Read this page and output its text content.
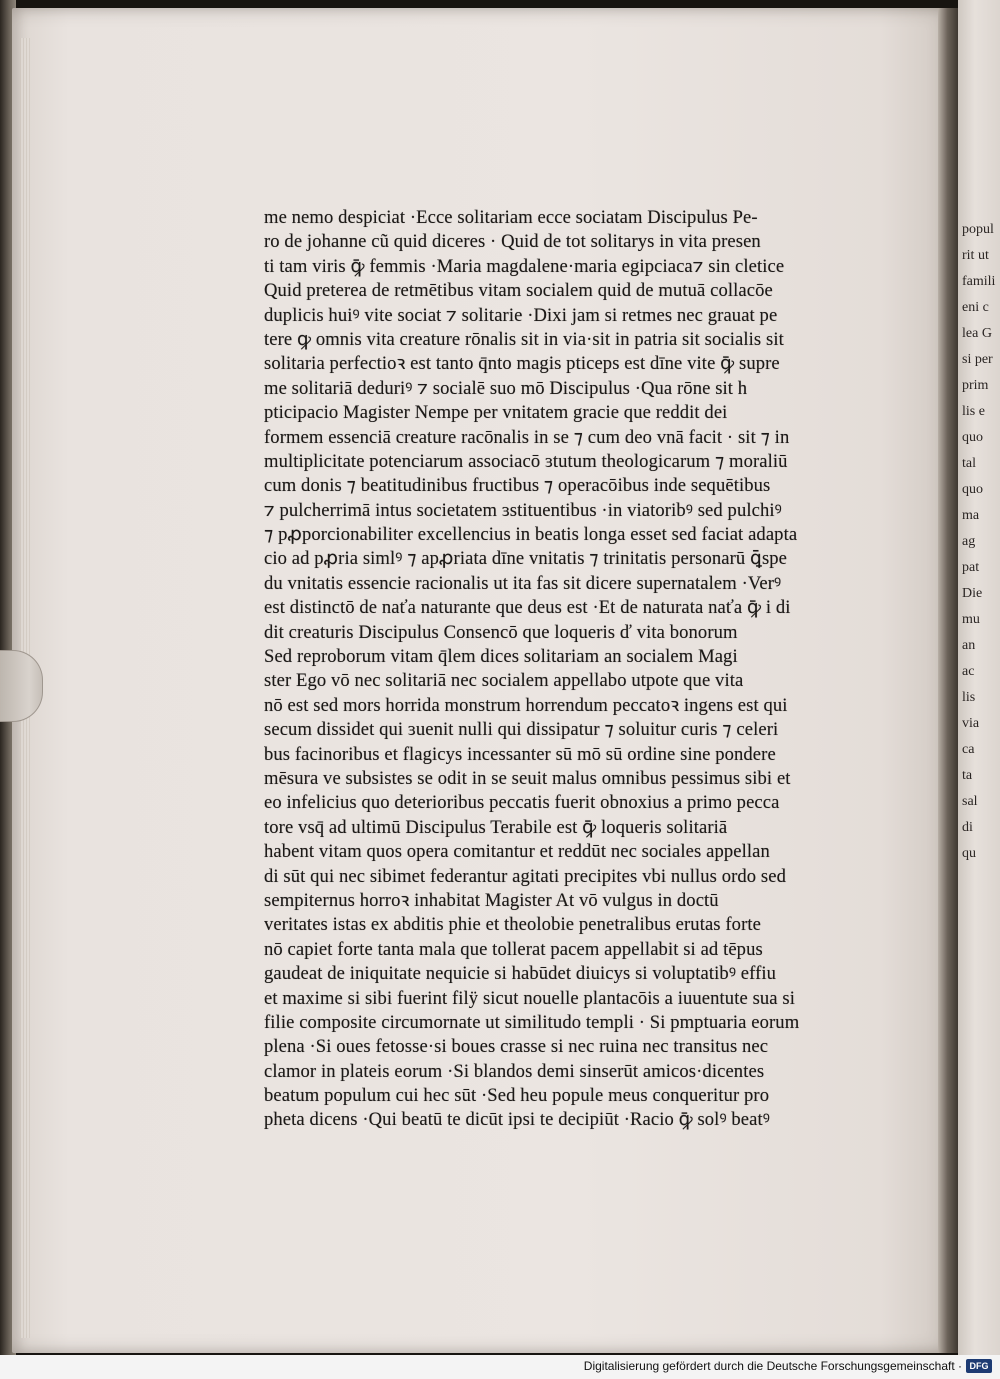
popul
rit ut
famili
eni c
lea G
si per
prim
lis e
quo
tal
quo
ma
ag
pat
Die
mu
an
ac
lis
via
ca
ta
sal
di
qu
me nemo despiciat ·Ecce solitariam ecce sociatam Discipulus Pe-
ro de johanne cũ quid diceres · Quid de tot solitarys in vita presen
ti tam viris ꝙ̄ femmis ·Maria magdalene·maria egipciaca⁊ sin cletice
Quid preterea de retmētibus vitam socialem quid de mutuā collacōe
duplicis huiꝰ vite sociat ⁊ solitarie ·Dixi jam si retmes nec grauat pe
tere ꝙ omnis vita creature rōnalis sit in via·sit in patria sit socialis sit
solitaria perfectioꝛ est tanto q̄nto magis pticeps est dīne vite ꝙ̄ supre
me solitariā deduriꝰ ⁊ socialē suo mō Discipulus ·Qua rōne sit h
pticipacio Magister Nempe per vnitatem gracie que reddit dei
formem essenciā creature racōnalis in se ⁊ cum deo vnā facit · sit ⁊ in
multiplicitate potenciarum associacō ɜtutum theologicarum ⁊ moraliū
cum donis ⁊ beatitudinibus fructibus ⁊ operacōibus inde sequētibus
⁊ pulcherrimā intus societatem ɜstituentibus ·in viatoribꝰ sed pulchiꝰ
⁊ pꝓporcionabiliter excellencius in beatis longa esset sed faciat adapta
cio ad pꝓria simlꝰ ⁊ apꝓriata dīne vnitatis ⁊ trinitatis personarū ꝗ̄spe
du vnitatis essencie racionalis ut ita fas sit dicere supernatalem ·Verꝰ
est distinctō de naťa naturante que deus est ·Et de naturata naťa ꝙ̄ i di
dit creaturis Discipulus Consencō que loqueris ď vita bonorum
Sed reproborum vitam q̄lem dices solitariam an socialem Magi
ster Ego vō nec solitariā nec socialem appellabo utpote que vita
nō est sed mors horrida monstrum horrendum peccatoꝛ ingens est qui
secum dissidet qui ɜuenit nulli qui dissipatur ⁊ soluitur curis ⁊ celeri
bus facinoribus et flagicys incessanter sū mō sū ordine sine pondere
mēsura ve subsistes se odit in se seuit malus omnibus pessimus sibi et
eo infelicius quo deterioribus peccatis fuerit obnoxius a primo pecca
tore vsq̄ ad ultimū Discipulus Terabile est ꝙ̄ loqueris solitariā
habent vitam quos opera comitantur et reddūt nec sociales appellan
di sūt qui nec sibimet federantur agitati precipites vbi nullus ordo sed
sempiternus horroꝛ inhabitat Magister At vō vulgus in doctū
veritates istas ex abditis phie et theolobie penetralibus erutas forte
nō capiet forte tanta mala que tollerat pacem appellabit si ad tēpus
gaudeat de iniquitate nequicie si habūdet diuicys si voluptatibꝰ effiu
et maxime si sibi fuerint filÿ sicut nouelle plantacōis a iuuentute sua si
filie composite circumornate ut similitudo templi · Si pmptuaria eorum
plena ·Si oues fetosse·si boues crasse si nec ruina nec transitus nec
clamor in plateis eorum ·Si blandos demi sinserūt amicos·dicentes
beatum populum cui hec sūt ·Sed heu popule meus conqueritur pro
pheta dicens ·Qui beatū te dicūt ipsi te decipiūt ·Racio ꝙ̄ solꝰ beatꝰ
Digitalisierung gefördert durch die Deutsche Forschungsgemeinschaft · DFG
